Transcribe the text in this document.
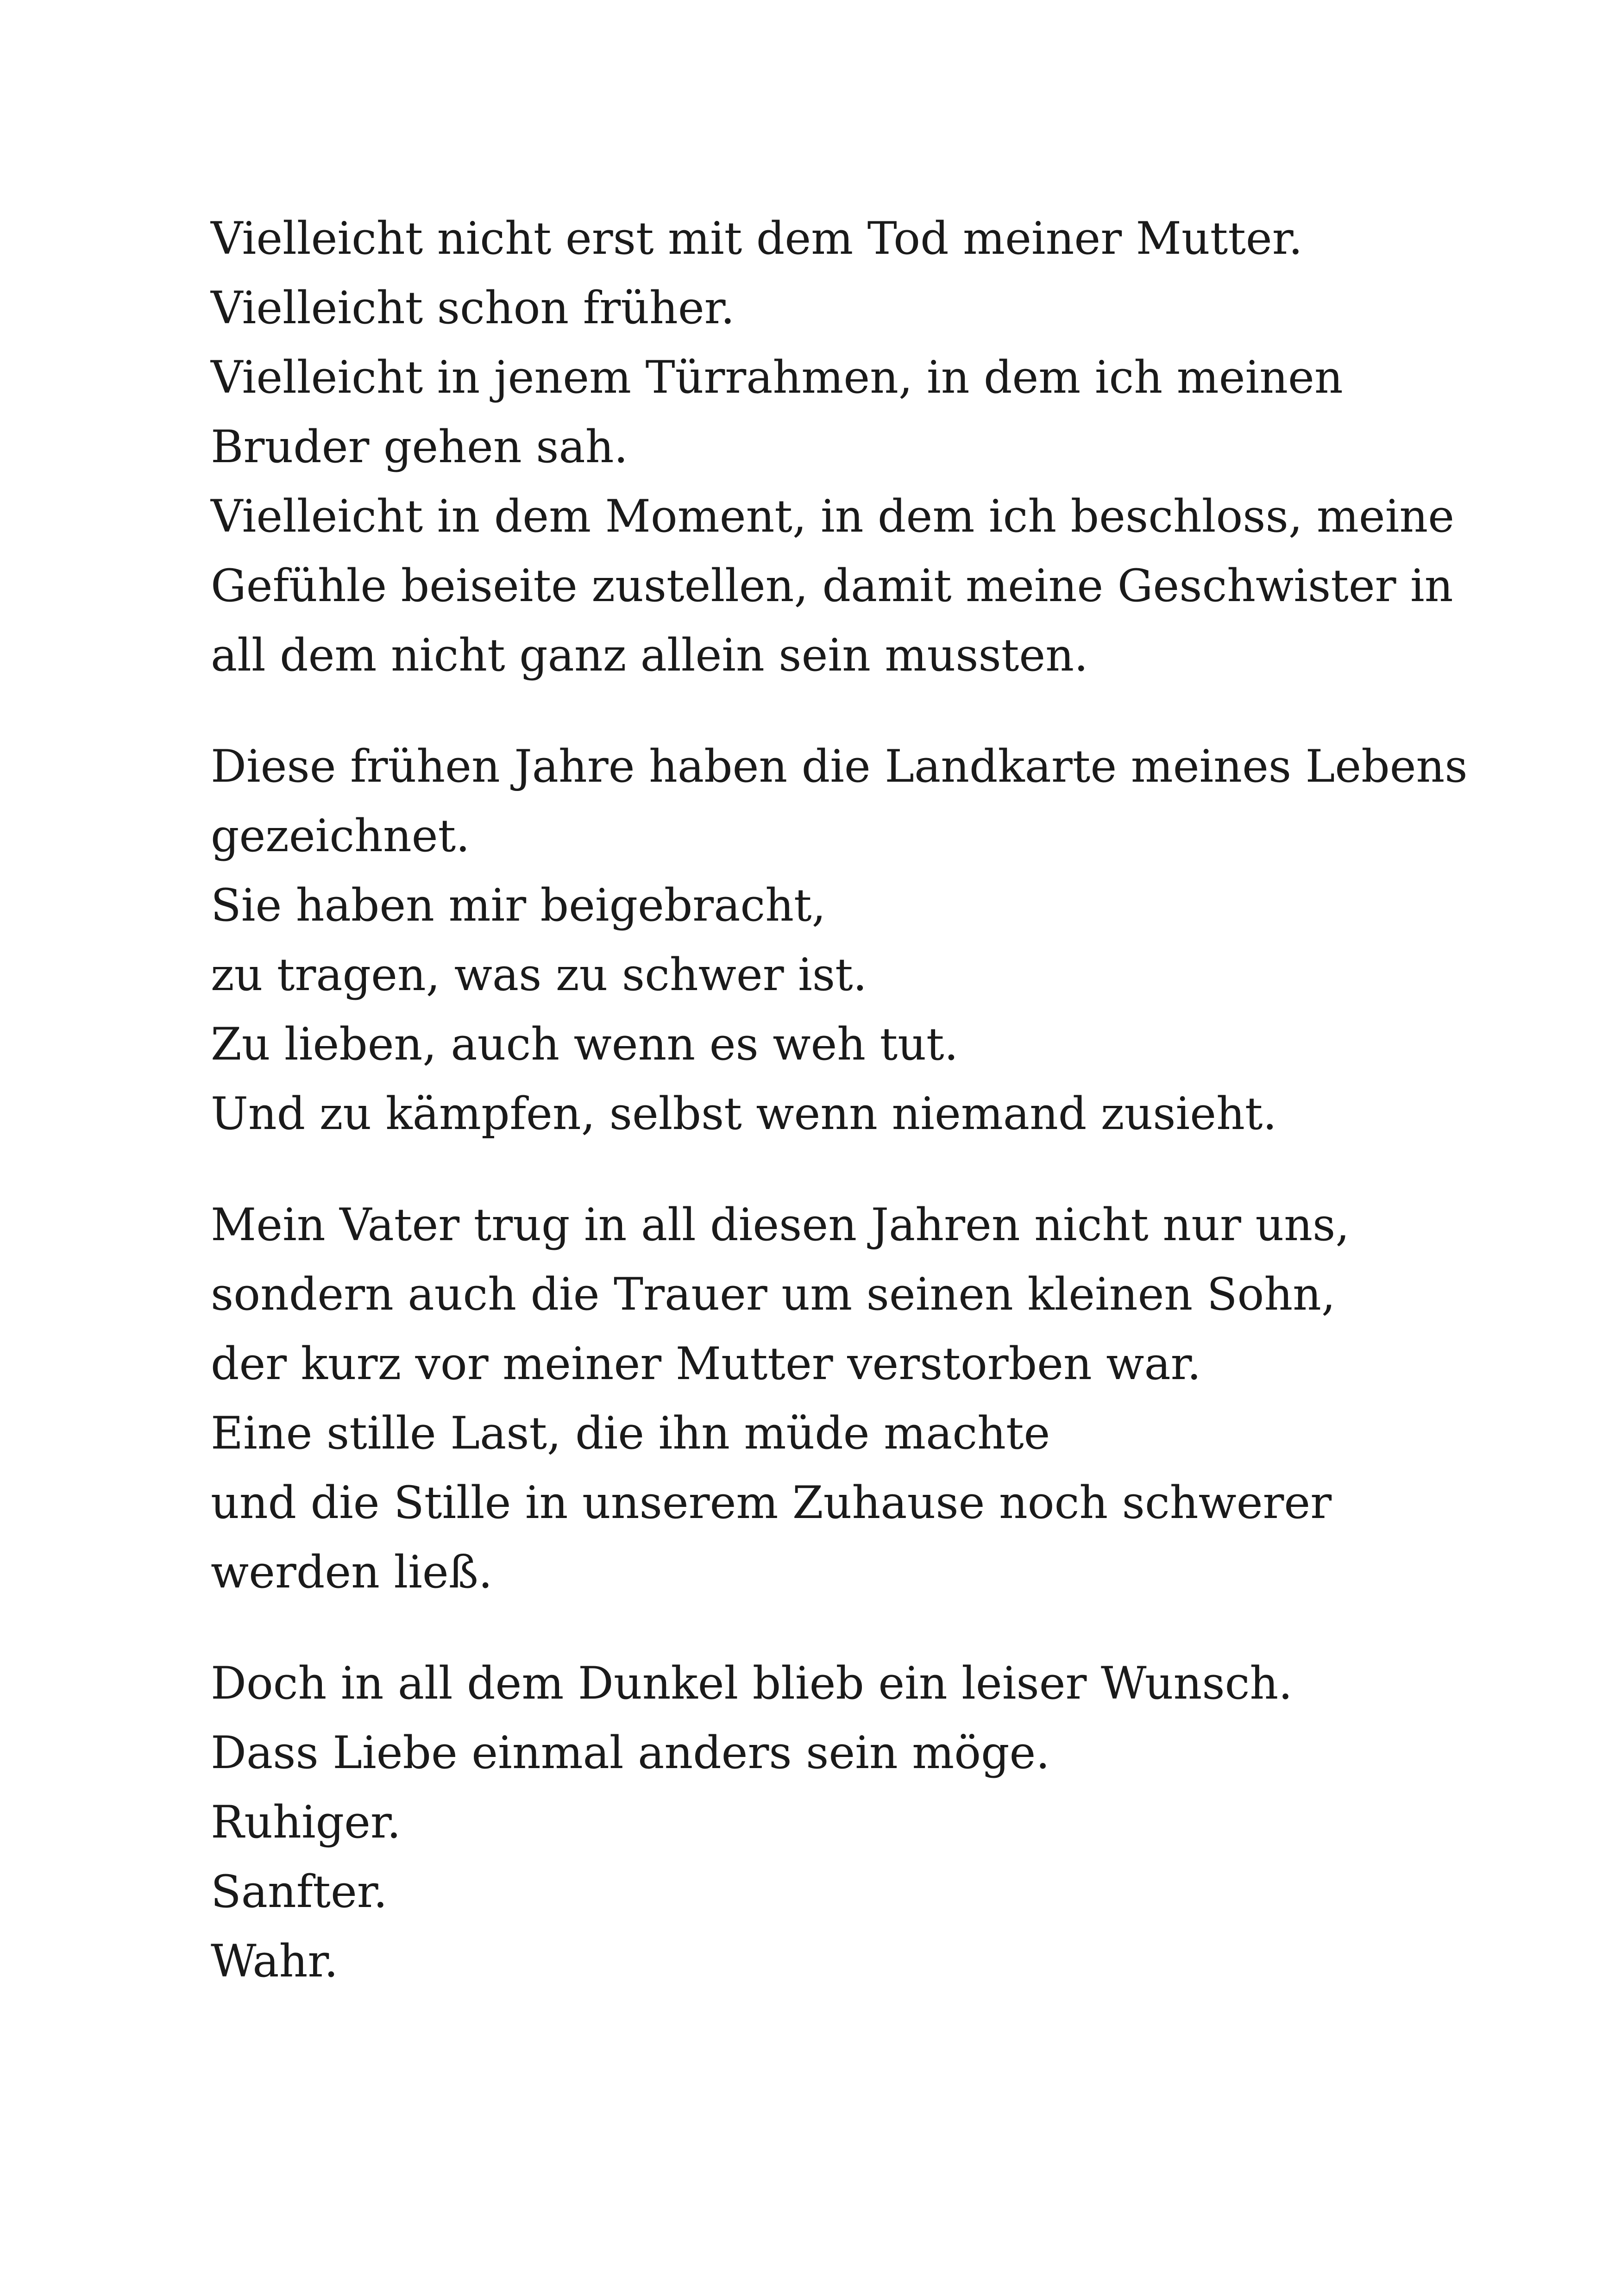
Vielleicht nicht erst mit dem Tod meiner Mutter.
Vielleicht schon früher.
Vielleicht in jenem Türrahmen, in dem ich meinen
Bruder gehen sah.
Vielleicht in dem Moment, in dem ich beschloss, meine
Gefühle beiseite zustellen, damit meine Geschwister in
all dem nicht ganz allein sein mussten.
Diese frühen Jahre haben die Landkarte meines Lebens
gezeichnet.
Sie haben mir beigebracht,
zu tragen, was zu schwer ist.
Zu lieben, auch wenn es weh tut.
Und zu kämpfen, selbst wenn niemand zusieht.
Mein Vater trug in all diesen Jahren nicht nur uns,
sondern auch die Trauer um seinen kleinen Sohn,
der kurz vor meiner Mutter verstorben war.
Eine stille Last, die ihn müde machte
und die Stille in unserem Zuhause noch schwerer
werden ließ.
Doch in all dem Dunkel blieb ein leiser Wunsch.
Dass Liebe einmal anders sein möge.
Ruhiger.
Sanfter.
Wahr.
